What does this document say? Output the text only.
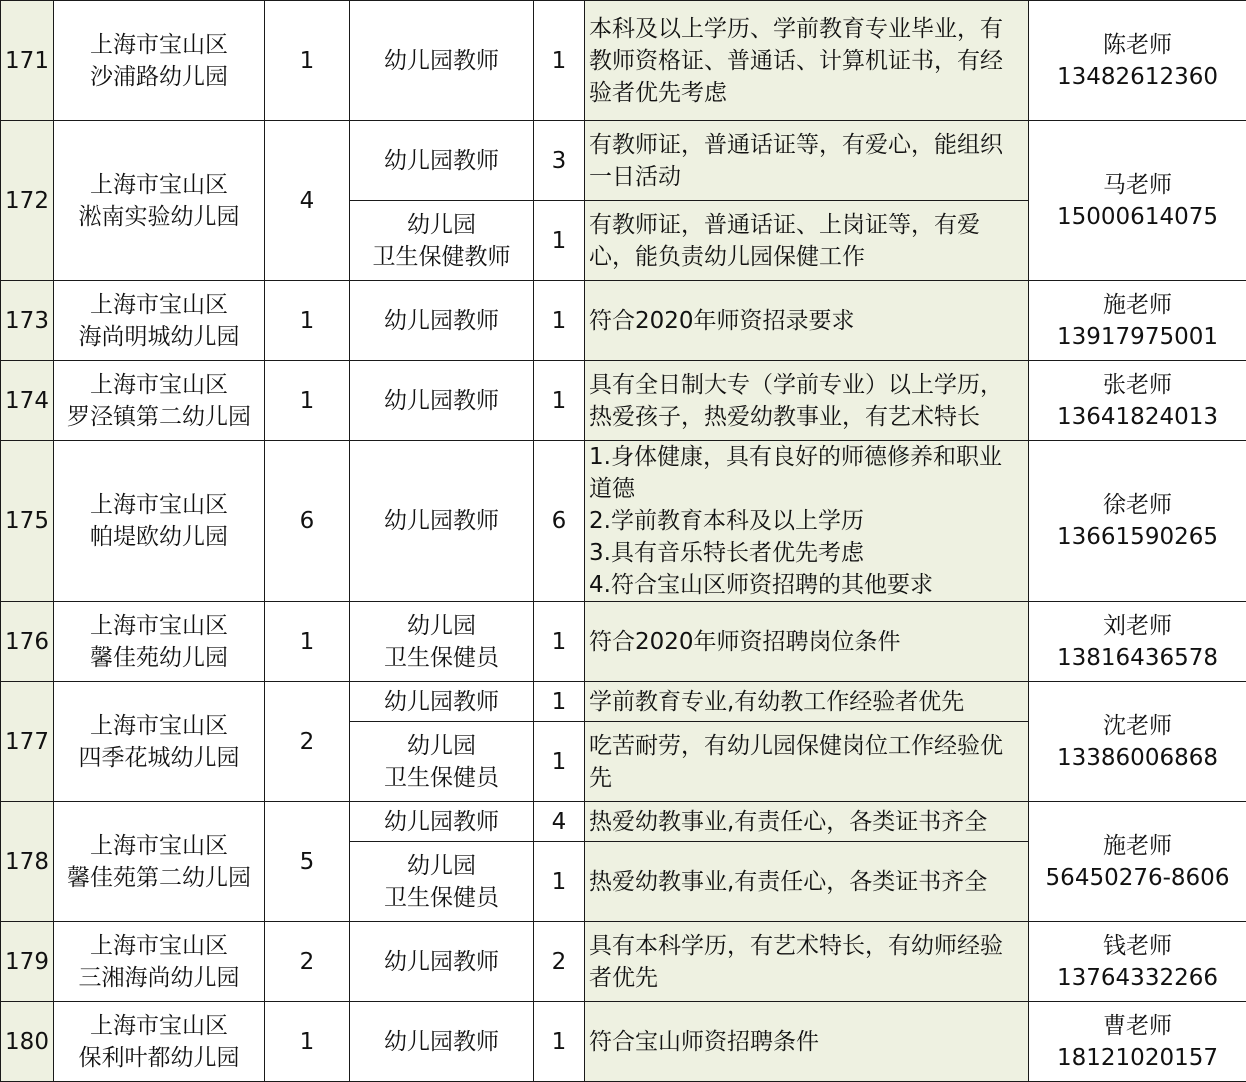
171	上海市宝山区
沙浦路幼儿园	1	幼儿园教师	1	本科及以上学历、学前教育专业毕业，有
教师资格证、普通话、计算机证书，有经
验者优先考虑	陈老师
13482612360

172	上海市宝山区
淞南实验幼儿园	4	幼儿园教师	3	有教师证，普通话证等，有爱心，能组织
一日活动	马老师
15000614075

			幼儿园
卫生保健教师	1	有教师证，普通话证、上岗证等，有爱
心，能负责幼儿园保健工作	

173	上海市宝山区
海尚明城幼儿园	1	幼儿园教师	1	符合2020年师资招录要求	施老师
13917975001

174	上海市宝山区
罗泾镇第二幼儿园	1	幼儿园教师	1	具有全日制大专（学前专业）以上学历，
热爱孩子，热爱幼教事业，有艺术特长	张老师
13641824013

175	上海市宝山区
帕堤欧幼儿园	6	幼儿园教师	6	1.身体健康，具有良好的师德修养和职业
道德
2.学前教育本科及以上学历
3.具有音乐特长者优先考虑
4.符合宝山区师资招聘的其他要求	徐老师
13661590265

176	上海市宝山区
馨佳苑幼儿园	1	幼儿园
卫生保健员	1	符合2020年师资招聘岗位条件	刘老师
13816436578

177	上海市宝山区
四季花城幼儿园	2	幼儿园教师	1	学前教育专业,有幼教工作经验者优先	沈老师
13386006868

			幼儿园
卫生保健员	1	吃苦耐劳，有幼儿园保健岗位工作经验优
先	

178	上海市宝山区
馨佳苑第二幼儿园	5	幼儿园教师	4	热爱幼教事业,有责任心，各类证书齐全	施老师
56450276-8606

			幼儿园
卫生保健员	1	热爱幼教事业,有责任心，各类证书齐全	

179	上海市宝山区
三湘海尚幼儿园	2	幼儿园教师	2	具有本科学历，有艺术特长，有幼师经验
者优先	钱老师
13764332266

180	上海市宝山区
保利叶都幼儿园	1	幼儿园教师	1	符合宝山师资招聘条件	曹老师
18121020157
